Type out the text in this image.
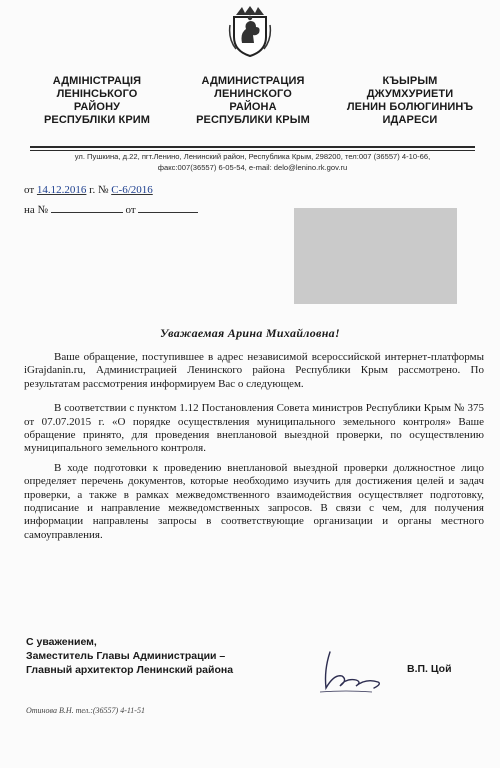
АДМІНІСТРАЦІЯ
ЛЕНІНСЬКОГО
РАЙОНУ
РЕСПУБЛІКИ КРИМ
АДМИНИСТРАЦИЯ
ЛЕНИНСКОГО
РАЙОНА
РЕСПУБЛИКИ КРЫМ
КЪЫРЫМ
ДЖУМХУРИЕТИ
ЛЕНИН БОЛЮГИНИНЪ
ИДАРЕСИ
ул. Пушкина, д.22, пгт.Ленино, Ленинский район, Республика Крым, 298200, тел:007 (36557) 4-10-66,
факс:007(36557) 6-05-54, e-mail: delo@lenino.rk.gov.ru
от 14.12.2016 г. № С-6/2016
на №	от
Уважаемая Арина Михайловна!

Ваше обращение, поступившее в адрес независимой всероссийской интернет-платформы iGrajdanin.ru, Администрацией Ленинского района Республики Крым рассмотрено. По результатам рассмотрения информируем Вас о следующем.

В соответствии с пунктом 1.12 Постановления Совета министров Республики Крым № 375 от 07.07.2015 г. «О порядке осуществления муниципального земельного контроля» Ваше обращение принято, для проведения внеплановой выездной проверки, по осуществлению муниципального земельного контроля.

В ходе подготовки к проведению внеплановой выездной проверки должностное лицо определяет перечень документов, которые необходимо изучить для достижения целей и задач проверки, а также в рамках межведомственного взаимодействия осуществляет подготовку, подписание и направление межведомственных запросов. В связи с чем, для получения информации направлены запросы в соответствующие организации и органы местного самоуправления.

С уважением,
Заместитель Главы Администрации –
Главный архитектор Ленинский района	В.П. Цой
Отинова В.Н. тел.:(36557) 4-11-51
